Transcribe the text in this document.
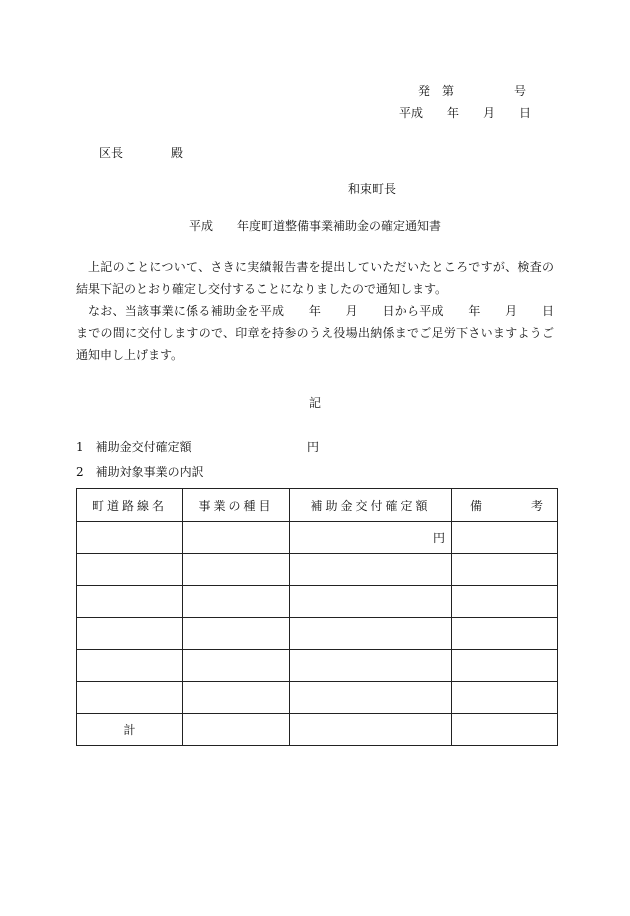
発　第　　　　　号
平成　　年　　月　　日
区長　　　　殿
和束町長
平成　　年度町道整備事業補助金の確定通知書
上記のことについて、さきに実績報告書を提出していただいたところですが、検査の結果下記のとおり確定し交付することになりましたので通知します。
なお、当該事業に係る補助金を平成　　年　　月　　日から平成　　年　　月　　日までの間に交付しますので、印章を持参のうえ役場出納係までご足労下さいますようご通知申し上げます。
記
1　補助金交付確定額	円
2　補助対象事業の内訳
町道路線名	事業の種目	補助金交付確定額	備 考

		円	

計			
